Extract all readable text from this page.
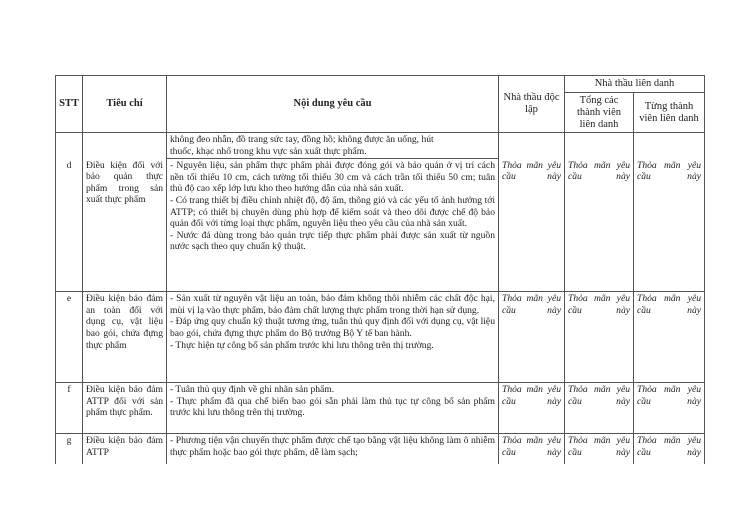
STT	Tiêu chí	Nội dung yêu cầu	Nhà thầu độc lập	Nhà thầu liên danh	
				Tổng các thành viên liên danh	Từng thành viên liên danh

		không đeo nhẫn, đồ trang sức tay, đồng hồ; không được ăn uống, hút
thuốc, khạc nhổ trong khu vực sản xuất thực phẩm.			

d	Điều kiện đối với bảo quản thực phẩm trong sản xuất thực phẩm	- Nguyên liệu, sản phẩm thực phẩm phải được đóng gói và bảo quản ở vị trí cách nền tối thiểu 10 cm, cách tường tối thiểu 30 cm và cách trần tối thiểu 50 cm; tuân thủ độ cao xếp lớp lưu kho theo hướng dẫn của nhà sản xuất.
- Có trang thiết bị điều chỉnh nhiệt độ, độ ẩm, thông gió và các yếu tố ảnh hưởng tới ATTP; có thiết bị chuyên dùng phù hợp để kiểm soát và theo dõi được chế độ bảo quản đối với từng loại thực phẩm, nguyên liệu theo yêu cầu của nhà sản xuất.
- Nước đá dùng trong bảo quản trực tiếp thực phẩm phải được sản xuất từ nguồn nước sạch theo quy chuẩn kỹ thuật.	Thỏa mãn yêu cầu này	Thỏa mãn yêu cầu này	Thỏa mãn yêu cầu này
e	Điều kiện bảo đảm an toàn đối với dụng cụ, vật liệu bao gói, chứa đựng thực phẩm	- Sản xuất từ nguyên vật liệu an toàn, bảo đảm không thôi nhiễm các chất độc hại, mùi vị lạ vào thực phẩm, bảo đảm chất lượng thực phẩm trong thời hạn sử dụng.
- Đáp ứng quy chuẩn kỹ thuật tương ứng, tuân thủ quy định đối với dụng cụ, vật liệu bao gói, chứa đựng thực phẩm do Bộ trưởng Bộ Y tế ban hành.
- Thực hiện tự công bố sản phẩm trước khi lưu thông trên thị trường.	Thỏa mãn yêu cầu này	Thỏa mãn yêu cầu này	Thỏa mãn yêu cầu này
f	Điều kiện bảo đảm ATTP đối với sản phẩm thực phẩm.	- Tuân thủ quy định về ghi nhãn sản phẩm.
- Thực phẩm đã qua chế biến bao gói sẵn phải làm thủ tục tự công bố sản phẩm trước khi lưu thông trên thị trường.	Thỏa mãn yêu cầu này	Thỏa mãn yêu cầu này	Thỏa mãn yêu cầu này
g	Điều kiện bảo đảm ATTP	- Phương tiện vận chuyển thực phẩm được chế tạo bằng vật liệu không làm ô nhiễm thực phẩm hoặc bao gói thực phẩm, dễ làm sạch;	Thỏa mãn yêu cầu này	Thỏa mãn yêu cầu này	Thỏa mãn yêu cầu này
